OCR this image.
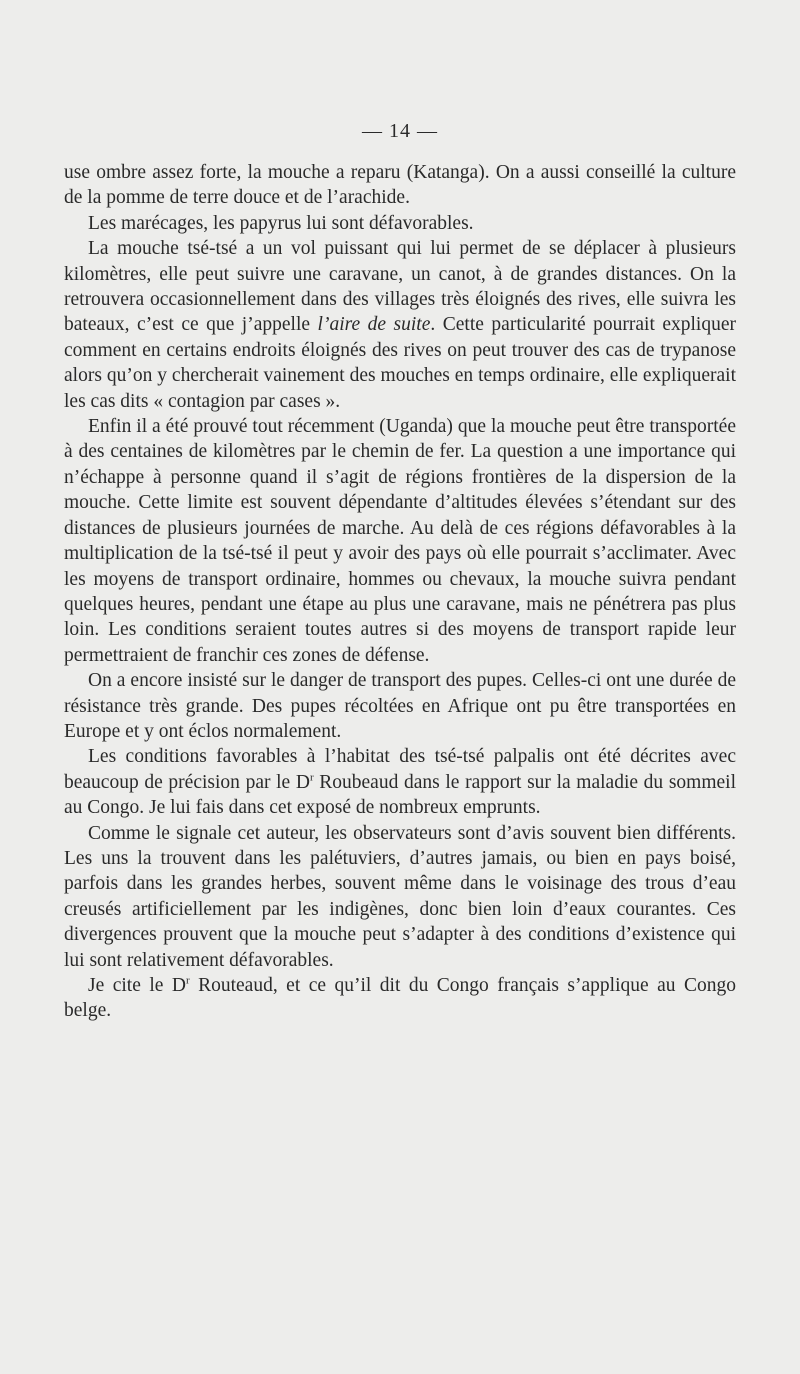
— 14 —

use ombre assez forte, la mouche a reparu (Katanga). On a aussi conseillé la culture de la pomme de terre douce et de l’arachide.

Les marécages, les papyrus lui sont défavorables.

La mouche tsé-tsé a un vol puissant qui lui permet de se déplacer à plusieurs kilomètres, elle peut suivre une caravane, un canot, à de grandes distances. On la retrouvera occasionnellement dans des villages très éloignés des rives, elle suivra les bateaux, c’est ce que j’appelle l’aire de suite. Cette particularité pourrait expliquer comment en certains endroits éloignés des rives on peut trouver des cas de trypanose alors qu’on y chercherait vainement des mouches en temps ordinaire, elle expliquerait les cas dits « contagion par cases ».

Enfin il a été prouvé tout récemment (Uganda) que la mouche peut être transportée à des centaines de kilomètres par le chemin de fer. La question a une importance qui n’échappe à personne quand il s’agit de régions frontières de la dispersion de la mouche. Cette limite est souvent dépendante d’altitudes élevées s’étendant sur des distances de plusieurs journées de marche. Au delà de ces régions défavorables à la multiplication de la tsé-tsé il peut y avoir des pays où elle pourrait s’acclimater. Avec les moyens de transport ordinaire, hommes ou chevaux, la mouche suivra pendant quelques heures, pendant une étape au plus une caravane, mais ne pénétrera pas plus loin. Les conditions seraient toutes autres si des moyens de transport rapide leur permettraient de franchir ces zones de défense.

On a encore insisté sur le danger de transport des pupes. Celles-ci ont une durée de résistance très grande. Des pupes récoltées en Afrique ont pu être transportées en Europe et y ont éclos normalement.

Les conditions favorables à l’habitat des tsé-tsé palpalis ont été décrites avec beaucoup de précision par le $D^r$ Roubeaud dans le rapport sur la maladie du sommeil au Congo. Je lui fais dans cet exposé de nombreux emprunts.

Comme le signale cet auteur, les observateurs sont d’avis souvent bien différents. Les uns la trouvent dans les palétuviers, d’autres jamais, ou bien en pays boisé, parfois dans les grandes herbes, souvent même dans le voisinage des trous d’eau creusés artificiellement par les indigènes, donc bien loin d’eaux courantes. Ces divergences prouvent que la mouche peut s’adapter à des conditions d’existence qui lui sont relativement défavorables.

Je cite le $D^r$ Routeaud, et ce qu’il dit du Congo français s’applique au Congo belge.
